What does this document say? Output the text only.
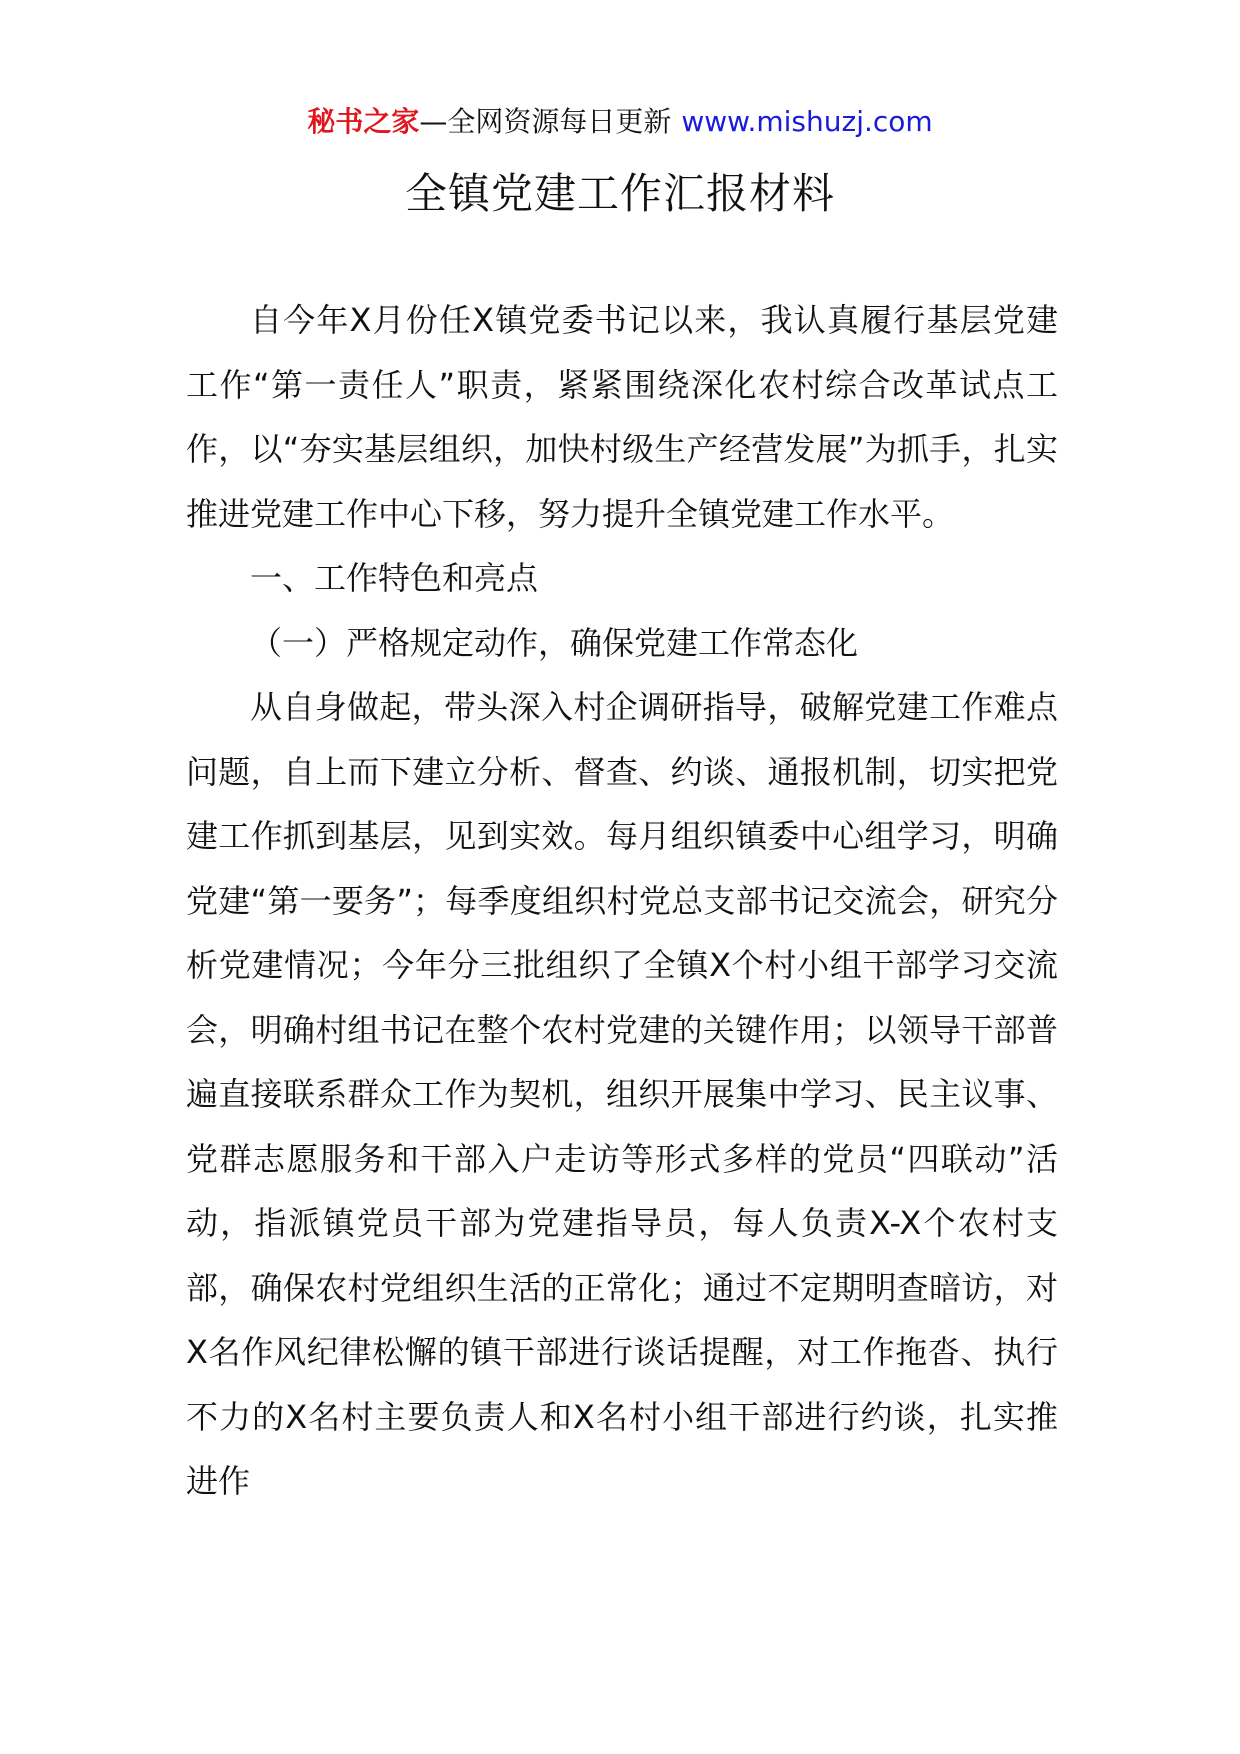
秘书之家—全网资源每日更新 www.mishuzj.com
全镇党建工作汇报材料

自今年X月份任X镇党委书记以来，我认真履行基层党建工作“第一责任人”职责，紧紧围绕深化农村综合改革试点工作，以“夯实基层组织，加快村级生产经营发展”为抓手，扎实推进党建工作中心下移，努力提升全镇党建工作水平。

一、工作特色和亮点

（一）严格规定动作，确保党建工作常态化

从自身做起，带头深入村企调研指导，破解党建工作难点问题，自上而下建立分析、督查、约谈、通报机制，切实把党建工作抓到基层，见到实效。每月组织镇委中心组学习，明确党建“第一要务”；每季度组织村党总支部书记交流会，研究分析党建情况；今年分三批组织了全镇X个村小组干部学习交流会，明确村组书记在整个农村党建的关键作用；以领导干部普遍直接联系群众工作为契机，组织开展集中学习、民主议事、党群志愿服务和干部入户走访等形式多样的党员“四联动”活动，指派镇党员干部为党建指导员，每人负责X-X个农村支部，确保农村党组织生活的正常化；通过不定期明查暗访，对X名作风纪律松懈的镇干部进行谈话提醒，对工作拖沓、执行不力的X名村主要负责人和X名村小组干部进行约谈，扎实推进作
